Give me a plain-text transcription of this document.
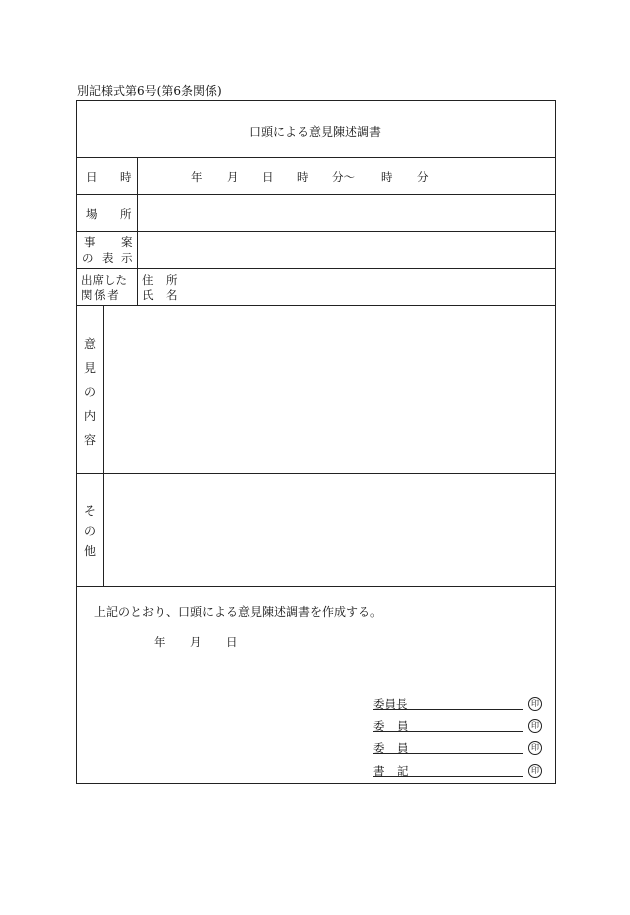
別記様式第6号(第6条関係)
口頭による意見陳述調書
日 時	年 月 日 時 分〜 時 分
場 所
事 案
の 表 示
出席した
関 係 者
住 所
氏 名
意
見
の
内
容
そ
の
他
上記のとおり、口頭による意見陳述調書を作成する。
年 月 日
委員長	印
委 員	印
委 員	印
書 記	印
